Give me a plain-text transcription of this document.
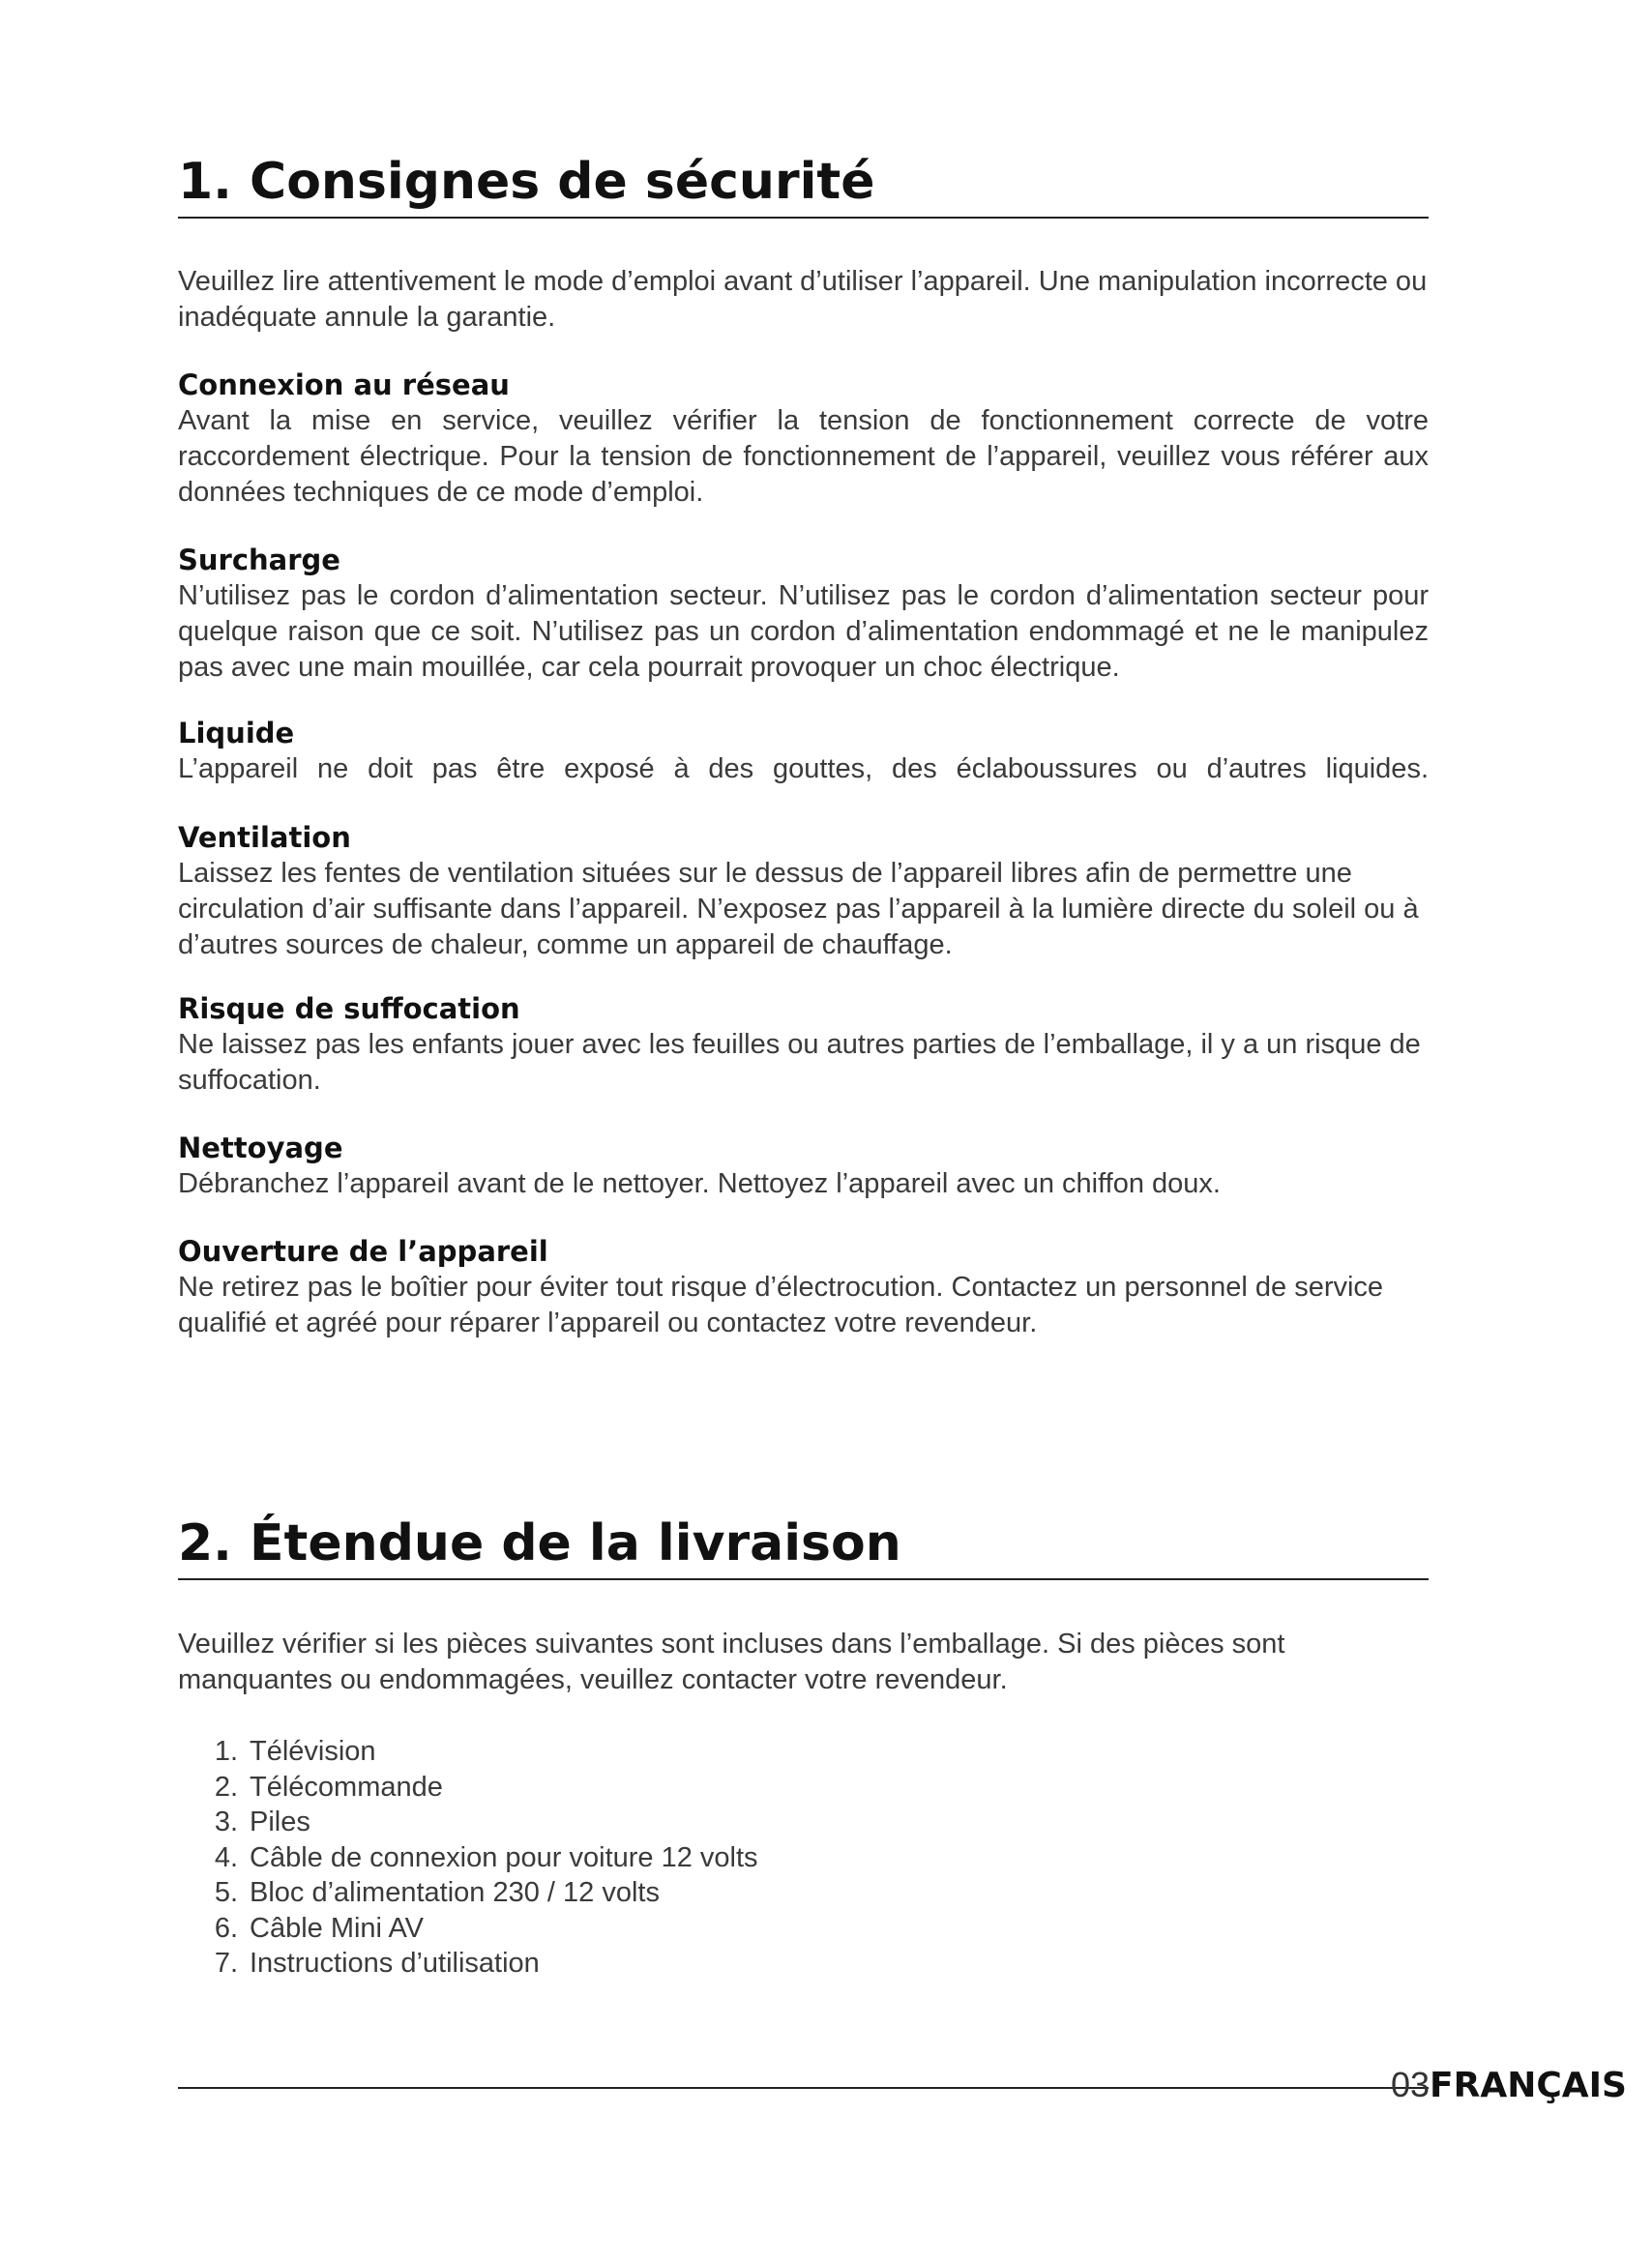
1. Consignes de sécurité

Veuillez lire attentivement le mode d’emploi avant d’utiliser l’appareil. Une manipulation incorrecte ou inadéquate annule la garantie.

Connexion au réseau

Avant la mise en service, veuillez vérifier la tension de fonctionnement correcte de votre raccordement électrique. Pour la tension de fonctionnement de l’appareil, veuillez vous référer aux données techniques de ce mode d’emploi.

Surcharge

N’utilisez pas le cordon d’alimentation secteur. N’utilisez pas le cordon d’alimentation secteur pour quelque raison que ce soit. N’utilisez pas un cordon d’alimentation endommagé et ne le manipulez pas avec une main mouillée, car cela pourrait provoquer un choc électrique.

Liquide

L’appareil ne doit pas être exposé à des gouttes, des éclaboussures ou d’autres liquides.

Ventilation

Laissez les fentes de ventilation situées sur le dessus de l’appareil libres afin de permettre une circulation d’air suffisante dans l’appareil. N’exposez pas l’appareil à la lumière directe du soleil ou à d’autres sources de chaleur, comme un appareil de chauffage.

Risque de suffocation

Ne laissez pas les enfants jouer avec les feuilles ou autres parties de l’emballage, il y a un risque de suffocation.

Nettoyage

Débranchez l’appareil avant de le nettoyer. Nettoyez l’appareil avec un chiffon doux.

Ouverture de l’appareil

Ne retirez pas le boîtier pour éviter tout risque d’électrocution. Contactez un personnel de service qualifié et agréé pour réparer l’appareil ou contactez votre revendeur.

2. Étendue de la livraison

Veuillez vérifier si les pièces suivantes sont incluses dans l’emballage. Si des pièces sont manquantes ou endommagées, veuillez contacter votre revendeur.

1. Télévision
2. Télécommande
3. Piles
4. Câble de connexion pour voiture 12 volts
5. Bloc d’alimentation 230 / 12 volts
6. Câble Mini AV
7. Instructions d’utilisation
03FRANÇAIS
